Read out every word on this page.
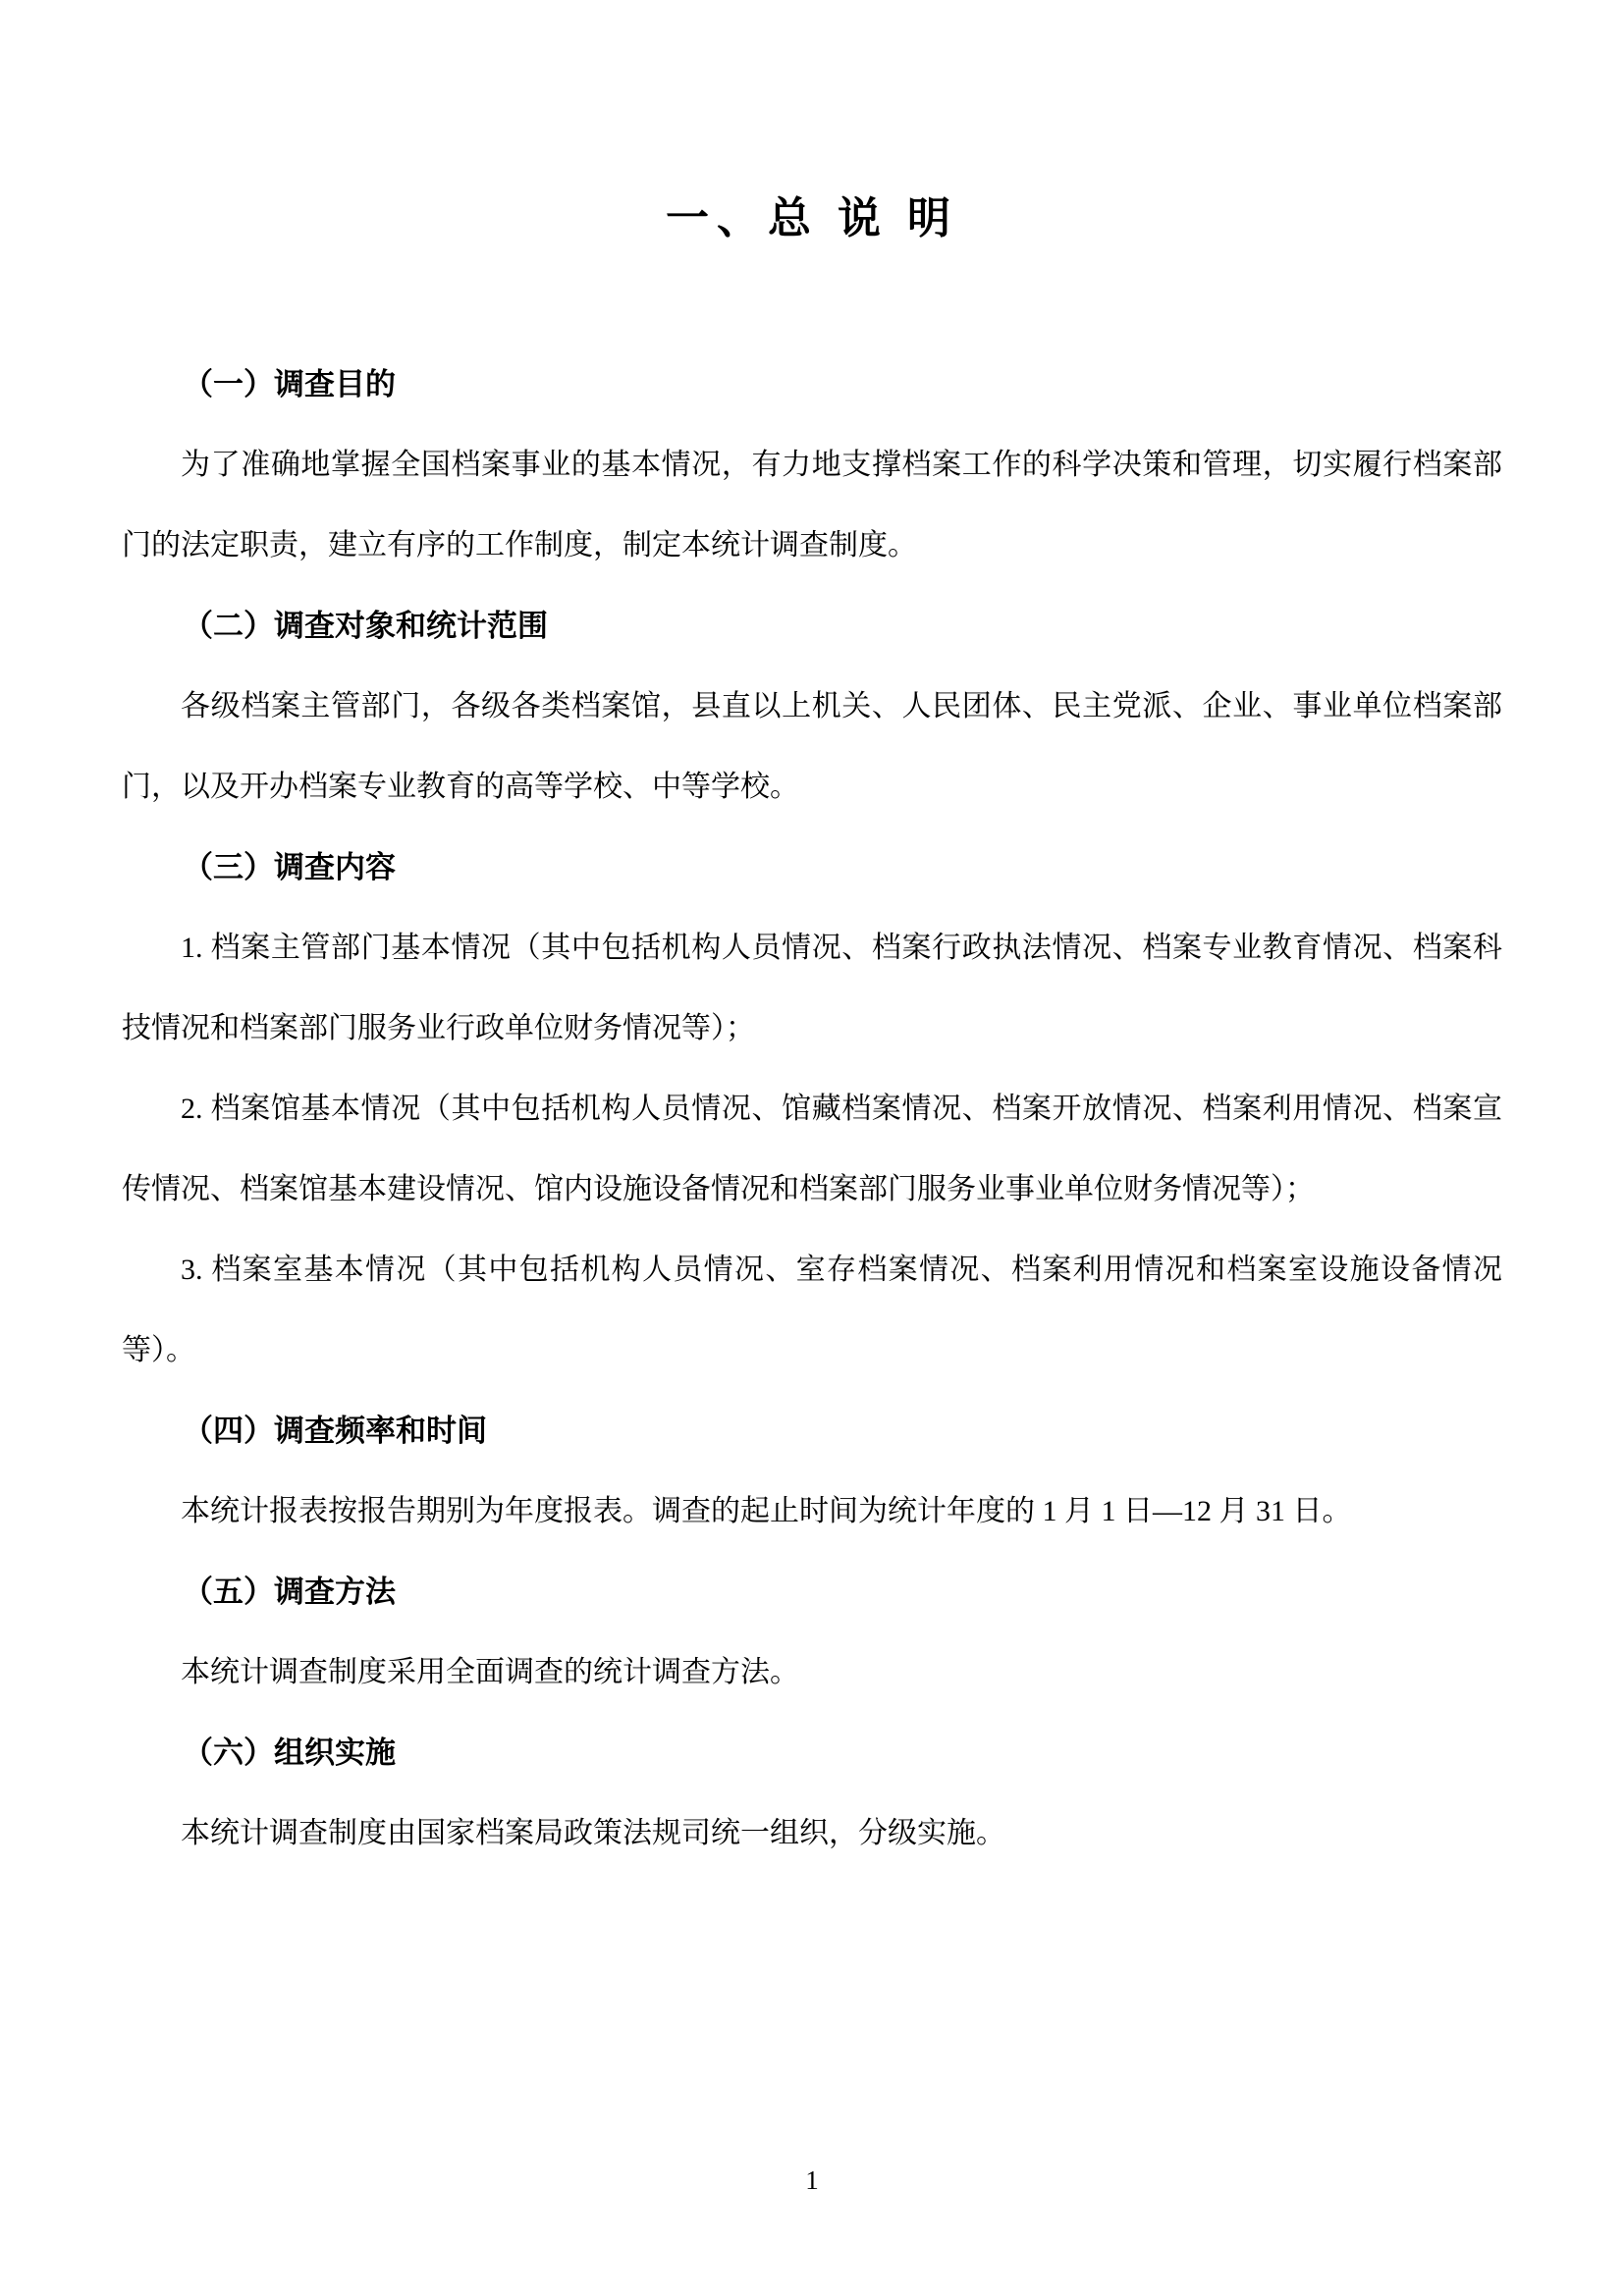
一、总 说 明
（一）调查目的

为了准确地掌握全国档案事业的基本情况，有力地支撑档案工作的科学决策和管理，切实履行档案部门的法定职责，建立有序的工作制度，制定本统计调查制度。

（二）调查对象和统计范围

各级档案主管部门，各级各类档案馆，县直以上机关、人民团体、民主党派、企业、事业单位档案部门，以及开办档案专业教育的高等学校、中等学校。

（三）调查内容

1. 档案主管部门基本情况（其中包括机构人员情况、档案行政执法情况、档案专业教育情况、档案科技情况和档案部门服务业行政单位财务情况等）；

2. 档案馆基本情况（其中包括机构人员情况、馆藏档案情况、档案开放情况、档案利用情况、档案宣传情况、档案馆基本建设情况、馆内设施设备情况和档案部门服务业事业单位财务情况等）；

3. 档案室基本情况（其中包括机构人员情况、室存档案情况、档案利用情况和档案室设施设备情况等）。

（四）调查频率和时间

本统计报表按报告期别为年度报表。调查的起止时间为统计年度的 1 月 1 日—12 月 31 日。

（五）调查方法

本统计调查制度采用全面调查的统计调查方法。

（六）组织实施

本统计调查制度由国家档案局政策法规司统一组织，分级实施。

1
